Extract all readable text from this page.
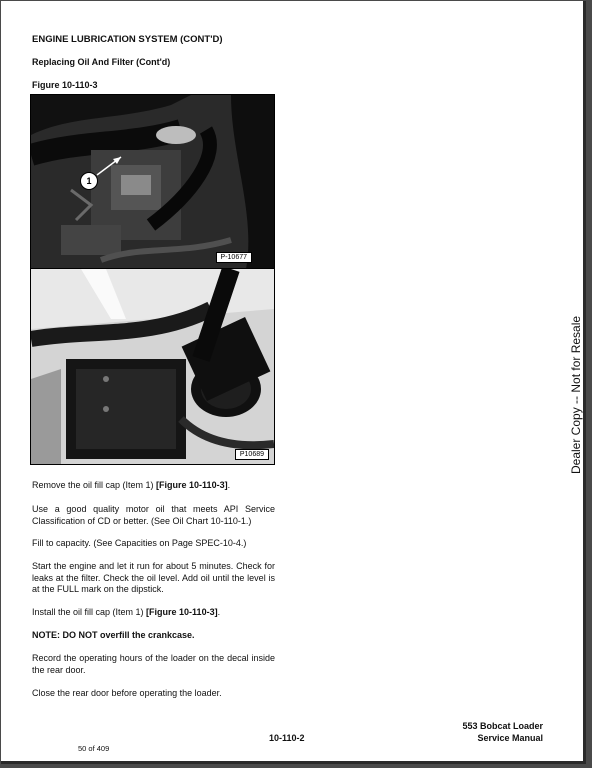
ENGINE LUBRICATION SYSTEM (CONT'D)
Replacing Oil And Filter (Cont'd)
Figure 10-110-3
1
P-10677
P10689
Remove the oil fill cap (Item 1) [Figure 10-110-3].
Use a good quality motor oil that meets API Service Classification of CD or better. (See Oil Chart 10-110-1.)
Fill to capacity. (See Capacities on Page SPEC-10-4.)
Start the engine and let it run for about 5 minutes. Check for leaks at the filter. Check the oil level. Add oil until the level is at the FULL mark on the dipstick.
Install the oil fill cap (Item 1) [Figure 10-110-3].
NOTE: DO NOT overfill the crankcase.
Record the operating hours of the loader on the decal inside the rear door.
Close the rear door before operating the loader.
10-110-2
553 Bobcat Loader
Service Manual
50 of 409
Dealer Copy -- Not for Resale
